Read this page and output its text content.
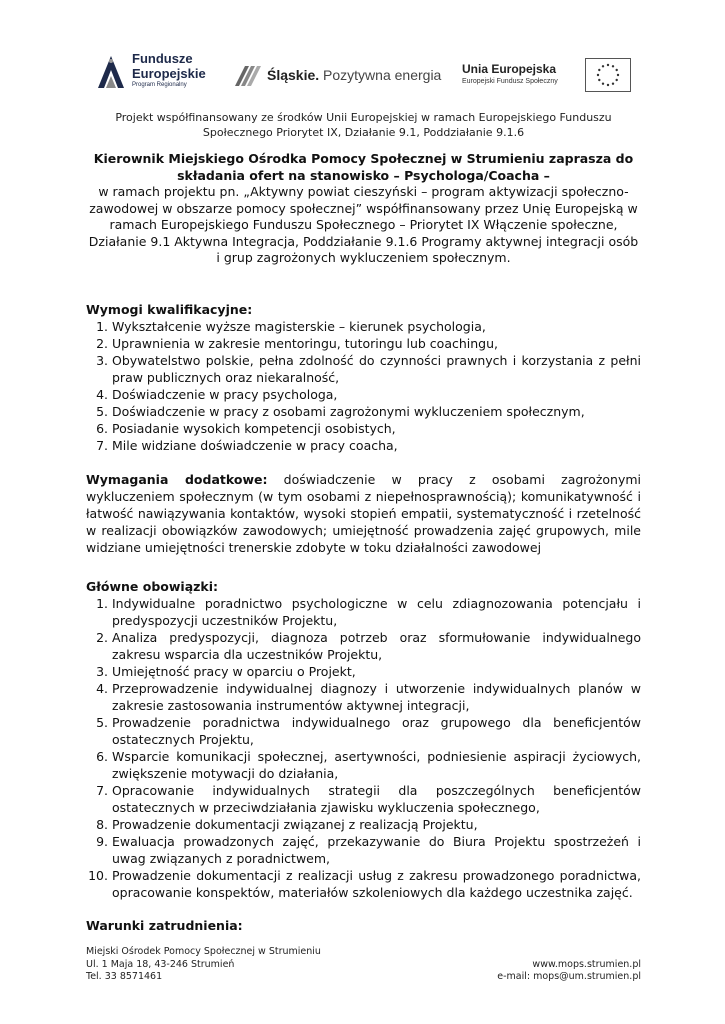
Fundusze
Europejskie
Program Regionalny
Śląskie. Pozytywna energia Unia Europejska
Europejski Fundusz Społeczny
Projekt współfinansowany ze środków Unii Europejskiej w ramach Europejskiego Funduszu
Społecznego Priorytet IX, Działanie 9.1, Poddziałanie 9.1.6
Kierownik Miejskiego Ośrodka Pomocy Społecznej w Strumieniu zaprasza do
składania ofert na stanowisko – Psychologa/Coacha –
w ramach projektu pn. „Aktywny powiat cieszyński – program aktywizacji społeczno-zawodowej w obszarze pomocy społecznej” współfinansowany przez Unię Europejską w ramach Europejskiego Funduszu Społecznego – Priorytet IX Włączenie społeczne, Działanie 9.1 Aktywna Integracja, Poddziałanie 9.1.6 Programy aktywnej integracji osób i grup zagrożonych wykluczeniem społecznym.
Wymogi kwalifikacyjne:
1. Wykształcenie wyższe magisterskie – kierunek psychologia,
2. Uprawnienia w zakresie mentoringu, tutoringu lub coachingu,
3. Obywatelstwo polskie, pełna zdolność do czynności prawnych i korzystania z pełni praw publicznych oraz niekaralność,
4. Doświadczenie w pracy psychologa,
5. Doświadczenie w pracy z osobami zagrożonymi wykluczeniem społecznym,
6. Posiadanie wysokich kompetencji osobistych,
7. Mile widziane doświadczenie w pracy coacha,
Wymagania dodatkowe: doświadczenie w pracy z osobami zagrożonymi wykluczeniem społecznym (w tym osobami z niepełnosprawnością); komunikatywność i łatwość nawiązywania kontaktów, wysoki stopień empatii, systematyczność i rzetelność w realizacji obowiązków zawodowych; umiejętność prowadzenia zajęć grupowych, mile widziane umiejętności trenerskie zdobyte w toku działalności zawodowej
Główne obowiązki:
1. Indywidualne poradnictwo psychologiczne w celu zdiagnozowania potencjału i predyspozycji uczestników Projektu,
2. Analiza predyspozycji, diagnoza potrzeb oraz sformułowanie indywidualnego zakresu wsparcia dla uczestników Projektu,
3. Umiejętność pracy w oparciu o Projekt,
4. Przeprowadzenie indywidualnej diagnozy i utworzenie indywidualnych planów w zakresie zastosowania instrumentów aktywnej integracji,
5. Prowadzenie poradnictwa indywidualnego oraz grupowego dla beneficjentów ostatecznych Projektu,
6. Wsparcie komunikacji społecznej, asertywności, podniesienie aspiracji życiowych, zwiększenie motywacji do działania,
7. Opracowanie indywidualnych strategii dla poszczególnych beneficjentów ostatecznych w przeciwdziałania zjawisku wykluczenia społecznego,
8. Prowadzenie dokumentacji związanej z realizacją Projektu,
9. Ewaluacja prowadzonych zajęć, przekazywanie do Biura Projektu spostrzeżeń i uwag związanych z poradnictwem,
10. Prowadzenie dokumentacji z realizacji usług z zakresu prowadzonego poradnictwa, opracowanie konspektów, materiałów szkoleniowych dla każdego uczestnika zajęć.
Warunki zatrudnienia:
Miejski Ośrodek Pomocy Społecznej w Strumieniu
Ul. 1 Maja 18, 43-246 Strumień
Tel. 33 8571461

www.mops.strumien.pl
e-mail: mops@um.strumien.pl
